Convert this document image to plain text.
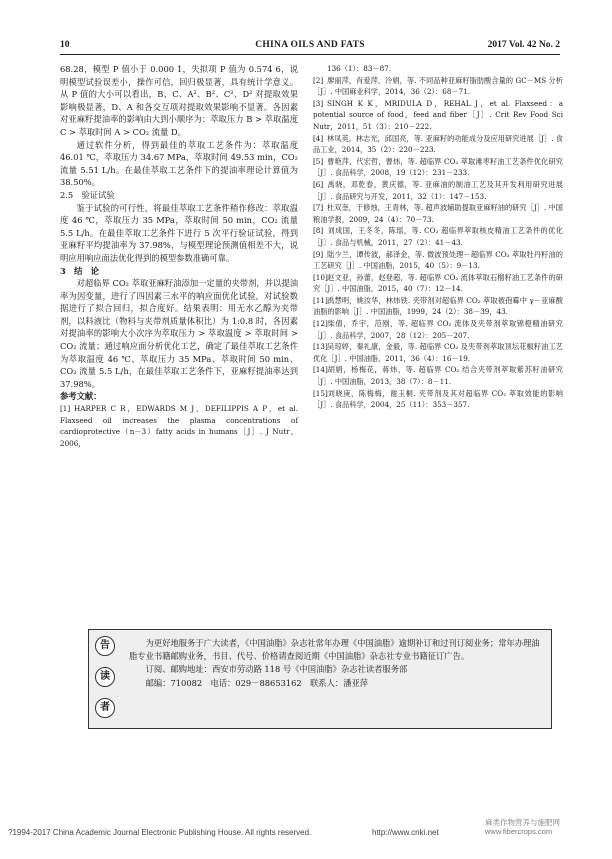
10	CHINA OILS AND FATS	2017 Vol. 42 No. 2

68.28，模型 P 值小于 0.000 1，失拟项 P 值为 0.574 6，说明模型试验误差小，操作可信，回归极显著，具有统计学意义。从 P 值的大小可以看出，B、C、A²、B²、C²、D² 对提取效果影响极显著，D、A 和各交互项对提取效果影响不显著。各因素对亚麻籽提油率的影响由大到小顺序为：萃取压力 B > 萃取温度 C > 萃取时间 A > CO₂ 流量 D。

通过软件分析，得到最佳的萃取工艺条件为：萃取温度 46.01 ℃，萃取压力 34.67 MPa，萃取时间 49.53 min，CO₂ 流量 5.51 L/h。在最佳萃取工艺条件下的提油率理论计算值为 38.50%。

2.5　验证试验

鉴于试验的可行性，将最佳萃取工艺条件稍作修改：萃取温度 46 ℃，萃取压力 35 MPa，萃取时间 50 min，CO₂ 流量 5.5 L/h。在最佳萃取工艺条件下进行 5 次平行验证试验，得到亚麻籽平均提油率为 37.98%，与模型理论预测值相差不大，说明应用响应面法优化得到的模型参数准确可靠。

3　结　论

对超临界 CO₂ 萃取亚麻籽油添加一定量的夹带剂，并以提油率为因变量，进行了四因素三水平的响应面优化试验，对试验数据进行了拟合回归，拟合度好。结果表明：用无水乙醇为夹带剂，以料液比（物料与夹带剂质量体积比）为 1:0.8 时，各因素对提油率的影响大小次序为萃取压力 > 萃取温度 > 萃取时间 > CO₂ 流量；通过响应面分析优化工艺，确定了最佳萃取工艺条件为萃取温度 46 ℃、萃取压力 35 MPa、萃取时间 50 min、CO₂ 流量 5.5 L/h，在最佳萃取工艺条件下，亚麻籽提油率达到 37.98%。

参考文献：

[1] HARPER C R，EDWARDS M J，DEFILIPPIS A P，et al. Flaxseed oil increases the plasma concentrations of cardioprotective（n－3）fatty acids in humans［J］. J Nutr，2006，

136（1）：83－87.

[2] 廖丽萍，肖爱萍，冷娟，等. 不同品种亚麻籽脂肪酸含量的 GC－MS 分析［J］. 中国麻业科学，2014，36（2）：68－71.

[3] SINGH K K，MRIDULA D，REHAL J，et al. Flaxseed：a potential source of food，feed and fiber［J］. Crit Rev Food Sci Nutr，2011，51（3）：210－222.

[4] 林凤英，林志光，邱国亮，等. 亚麻籽的功能成分及应用研究进展［J］. 食品工业，2014，35（2）：220－223.

[5] 曹艳萍，代宏哲，曹炜，等. 超临界 CO₂ 萃取滩枣籽油工艺条件优化研究［J］. 食品科学，2008，19（12）：231－233.

[6] 禹晓，邓乾春，黄庆德，等. 亚麻油的制油工艺及其开发利用研究进展［J］. 食品研究与开发，2011，32（1）：147－153.

[7] 杜双奎，于修烛，王青林，等. 超声波辅助提取亚麻籽油的研究［J］. 中国粮油学报，2009，24（4）：70－73.

[8] 刘成国，王冬冬，陈瑶，等. CO₂ 超临界萃取核皮精油工艺条件的优化［J］. 食品与机械，2011，27（2）：41－43.

[9] 陆少兰，谭传波，郝泽金，等. 微波预处理－超临界 CO₂ 萃取牡丹籽油的工艺研究［J］. 中国油脂，2015，40（5）：9－13.

[10]赵文亚，孙蕾，赵登超，等. 超临界 CO₂ 流体萃取石榴籽油工艺条件的研究［J］. 中国油脂，2015，40（7）：12－14.

[11]禹慧明，姚汝华，林炜铁. 夹带剂对超临界 CO₂ 萃取被孢霉中 γ－亚麻酸油脂的影响［J］. 中国油脂，1999，24（2）：38－39，43.

[12]柴倩，乔宇，范刚，等. 超临界 CO₂ 流体及夹带剂萃取锦橙精油研究［J］. 食品科学，2007，28（12）：205－207.

[13]吴琼婷，秦礼康，金毅，等. 超临界 CO₂ 及夹带剂萃取顶坛花椒籽油工艺优化［J］. 中国油脂，2011，36（4）：16－19.

[14]胡娟，杨梅花，蒋炜，等. 超临界 CO₂ 结合夹带剂萃取紫苏籽油研究［J］. 中国油脂，2013，38（7）：8－11.

[15]刘晓庚，陈梅梅，谢玉桐. 夹带剂及其对超临界 CO₂ 萃取效能的影响［J］. 食品科学，2004，25（11）：353－357.

告
读
者

为更好地服务于广大读者，《中国油脂》杂志社常年办理《中国油脂》逾期补订和过刊订阅业务；常年办理油脂专业书籍邮购业务，书目、代号、价格请查阅近期《中国油脂》杂志社专业书籍征订广告。

订阅、邮购地址：西安市劳动路 118 号《中国油脂》杂志社读者服务部

邮编：710082　电话：029－88653162　联系人：潘亚萍

?1994-2017 China Academic Journal Electronic Publishing House. All rights reserved.	http://www.cnki.net
麻类作物营养与施肥网
www.fibercrops.com
